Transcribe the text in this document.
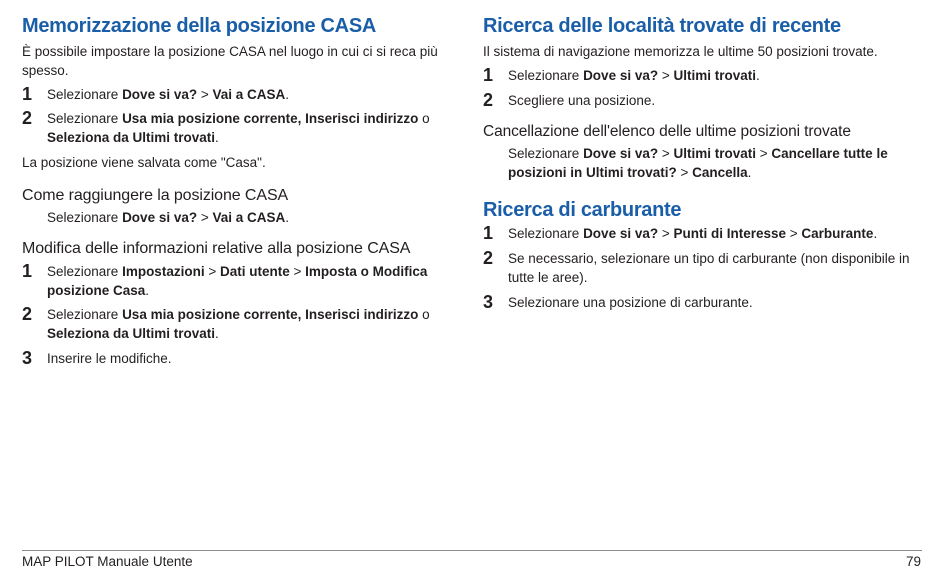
Memorizzazione della posizione CASA

È possibile impostare la posizione CASA nel luogo in cui ci si reca più spesso.

1	Selezionare Dove si va? > Vai a CASA.
2	Selezionare Usa mia posizione corrente, Inserisci indirizzo o Seleziona da Ultimi trovati.

La posizione viene salvata come "Casa".

Come raggiungere la posizione CASA
Selezionare Dove si va? > Vai a CASA.
Modifica delle informazioni relative alla posizione CASA
1	Selezionare Impostazioni > Dati utente > Imposta o Modifica posizione Casa.
2	Selezionare Usa mia posizione corrente, Inserisci indirizzo o Seleziona da Ultimi trovati.
3	Inserire le modifiche.
Ricerca delle località trovate di recente

Il sistema di navigazione memorizza le ultime 50 posizioni trovate.

1	Selezionare Dove si va? > Ultimi trovati.
2	Scegliere una posizione.
Cancellazione dell'elenco delle ultime posizioni trovate
Selezionare Dove si va? > Ultimi trovati > Cancellare tutte le posizioni in Ultimi trovati? > Cancella.
Ricerca di carburante
1	Selezionare Dove si va? > Punti di Interesse > Carburante.
2	Se necessario, selezionare un tipo di carburante (non disponibile in tutte le aree).
3	Selezionare una posizione di carburante.
MAP PILOT Manuale Utente	79
